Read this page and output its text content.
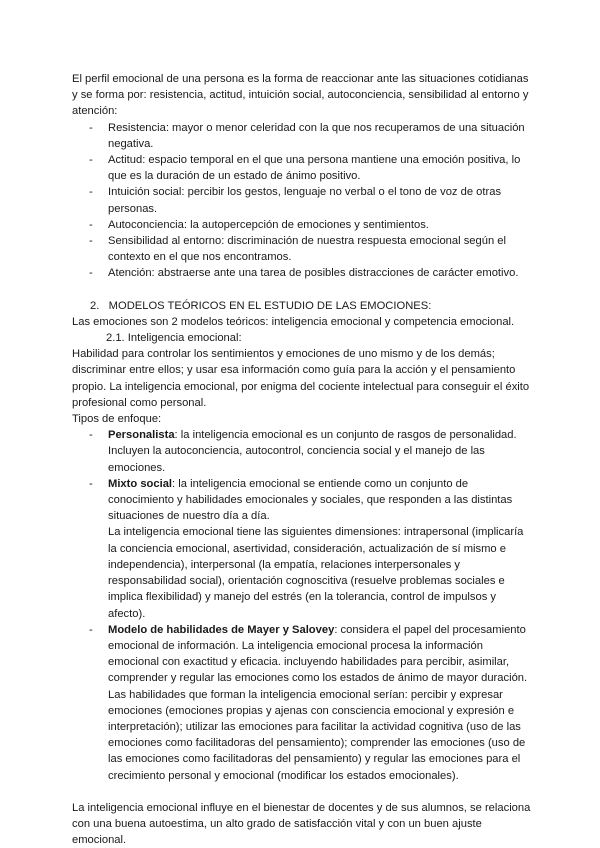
El perfil emocional de una persona es la forma de reaccionar ante las situaciones cotidianas y se forma por: resistencia, actitud, intuición social, autoconciencia, sensibilidad al entorno y atención:

- Resistencia: mayor o menor celeridad con la que nos recuperamos de una situación negativa.
- Actitud: espacio temporal en el que una persona mantiene una emoción positiva, lo que es la duración de un estado de ánimo positivo.
- Intuición social: percibir los gestos, lenguaje no verbal o el tono de voz de otras personas.
- Autoconciencia: la autopercepción de emociones y sentimientos.
- Sensibilidad al entorno: discriminación de nuestra respuesta emocional según el contexto en el que nos encontramos.
- Atención: abstraerse ante una tarea de posibles distracciones de carácter emotivo.

2. MODELOS TEÓRICOS EN EL ESTUDIO DE LAS EMOCIONES:

Las emociones son 2 modelos teóricos: inteligencia emocional y competencia emocional.

2.1. Inteligencia emocional:

Habilidad para controlar los sentimientos y emociones de uno mismo y de los demás; discriminar entre ellos; y usar esa información como guía para la acción y el pensamiento propio. La inteligencia emocional, por enigma del cociente intelectual para conseguir el éxito profesional como personal.

Tipos de enfoque:

- Personalista: la inteligencia emocional es un conjunto de rasgos de personalidad. Incluyen la autoconciencia, autocontrol, conciencia social y el manejo de las emociones.
- Mixto social: la inteligencia emocional se entiende como un conjunto de conocimiento y habilidades emocionales y sociales, que responden a las distintas situaciones de nuestro día a día.
La inteligencia emocional tiene las siguientes dimensiones: intrapersonal (implicaría la conciencia emocional, asertividad, consideración, actualización de sí mismo e independencia), interpersonal (la empatía, relaciones interpersonales y responsabilidad social), orientación cognoscitiva (resuelve problemas sociales e implica flexibilidad) y manejo del estrés (en la tolerancia, control de impulsos y afecto).
- Modelo de habilidades de Mayer y Salovey: considera el papel del procesamiento emocional de información. La inteligencia emocional procesa la información emocional con exactitud y eficacia. incluyendo habilidades para percibir, asimilar, comprender y regular las emociones como los estados de ánimo de mayor duración. Las habilidades que forman la inteligencia emocional serían: percibir y expresar emociones (emociones propias y ajenas con consciencia emocional y expresión e interpretación); utilizar las emociones para facilitar la actividad cognitiva (uso de las emociones como facilitadoras del pensamiento); comprender las emociones (uso de las emociones como facilitadoras del pensamiento) y regular las emociones para el crecimiento personal y emocional (modificar los estados emocionales).

La inteligencia emocional influye en el bienestar de docentes y de sus alumnos, se relaciona con una buena autoestima, un alto grado de satisfacción vital y con un buen ajuste emocional.
